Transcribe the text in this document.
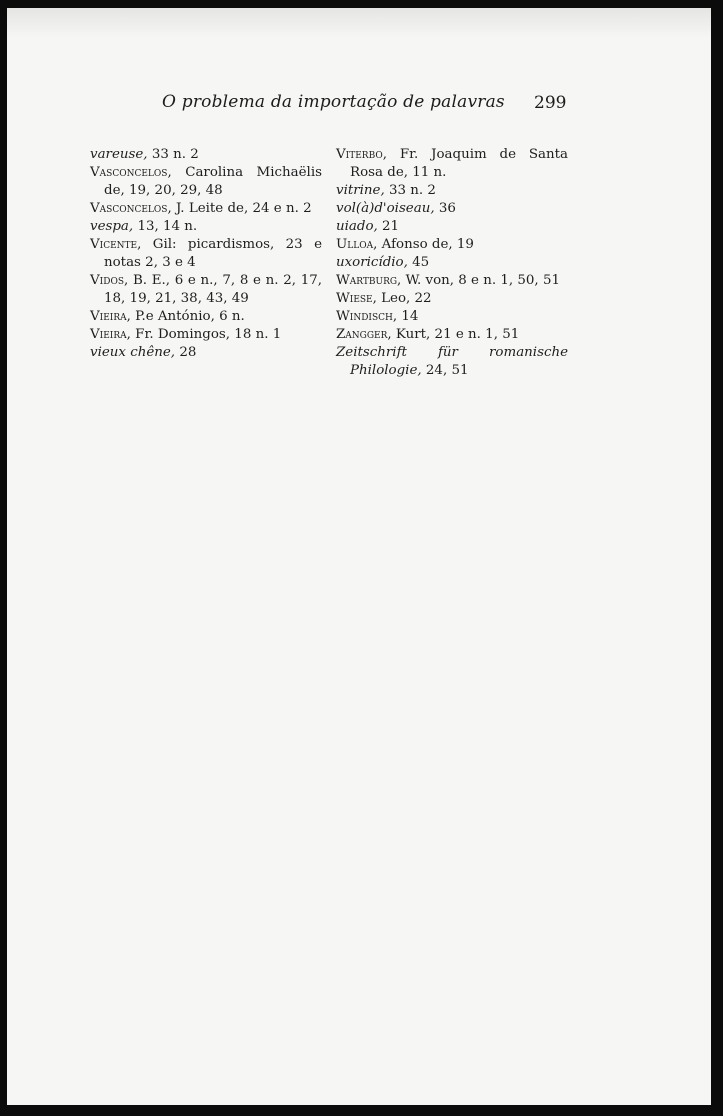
O problema da importação de palavras 299

vareuse, 33 n. 2

Vasconcelos, Carolina Michaëlis de, 19, 20, 29, 48

Vasconcelos, J. Leite de, 24 e n. 2

vespa, 13, 14 n.

Vicente, Gil: picardismos, 23 e notas 2, 3 e 4

Vidos, B. E., 6 e n., 7, 8 e n. 2, 17, 18, 19, 21, 38, 43, 49

Vieira, P.e António, 6 n.

Vieira, Fr. Domingos, 18 n. 1

vieux chêne, 28

Viterbo, Fr. Joaquim de Santa Rosa de, 11 n.

vitrine, 33 n. 2

vol(à)d'oiseau, 36

uiado, 21

Ulloa, Afonso de, 19

uxoricídio, 45

Wartburg, W. von, 8 e n. 1, 50, 51

Wiese, Leo, 22

Windisch, 14

Zangger, Kurt, 21 e n. 1, 51

Zeitschrift für romanische Philologie, 24, 51
